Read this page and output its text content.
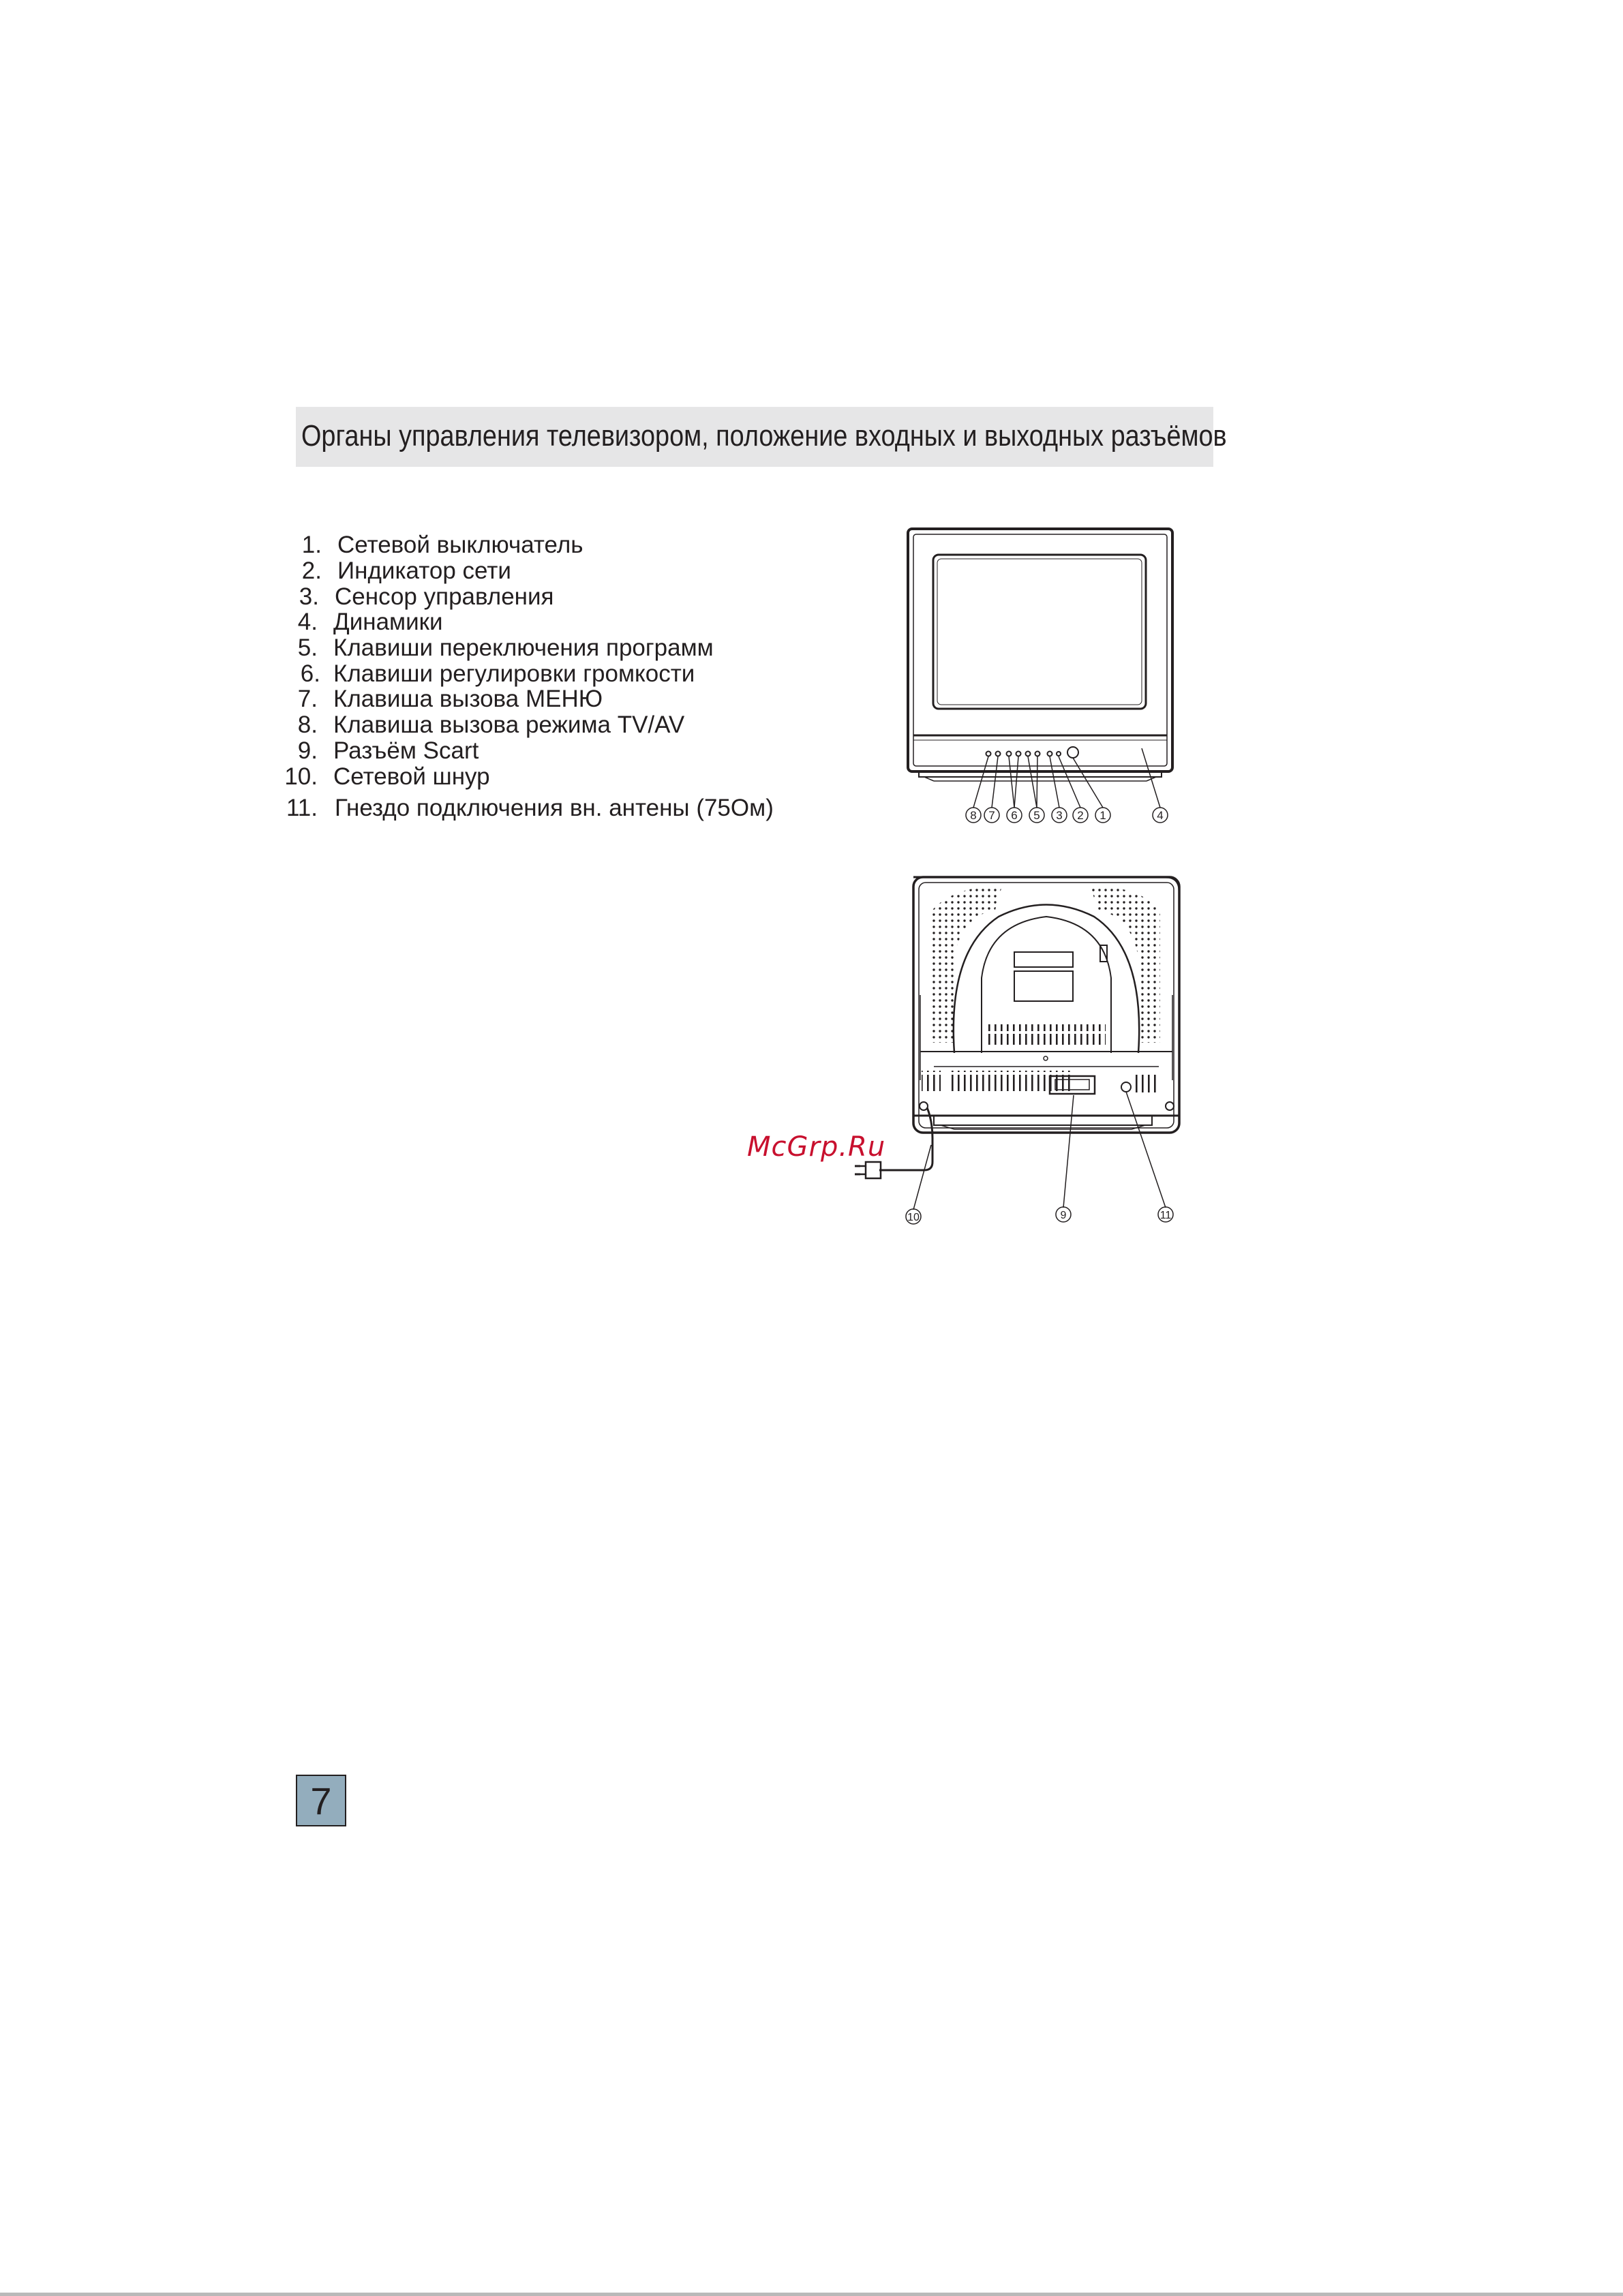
Органы управления телевизором, положение входных и выходных разъёмов
1. Сетевой выключатель
2. Индикатор сети
3. Сенсор управления
4. Динамики
5. Клавиши переключения программ
6. Клавиши регулировки громкости
7. Клавиша вызова МЕНЮ
8. Клавиша вызова режима TV/AV
9. Разъём Scart
10. Сетевой шнур
11. Гнездо подключения вн. антены (75Ом)	8 7 6 5 3 2 1	4
10	9	11
McGrp.Ru
7
